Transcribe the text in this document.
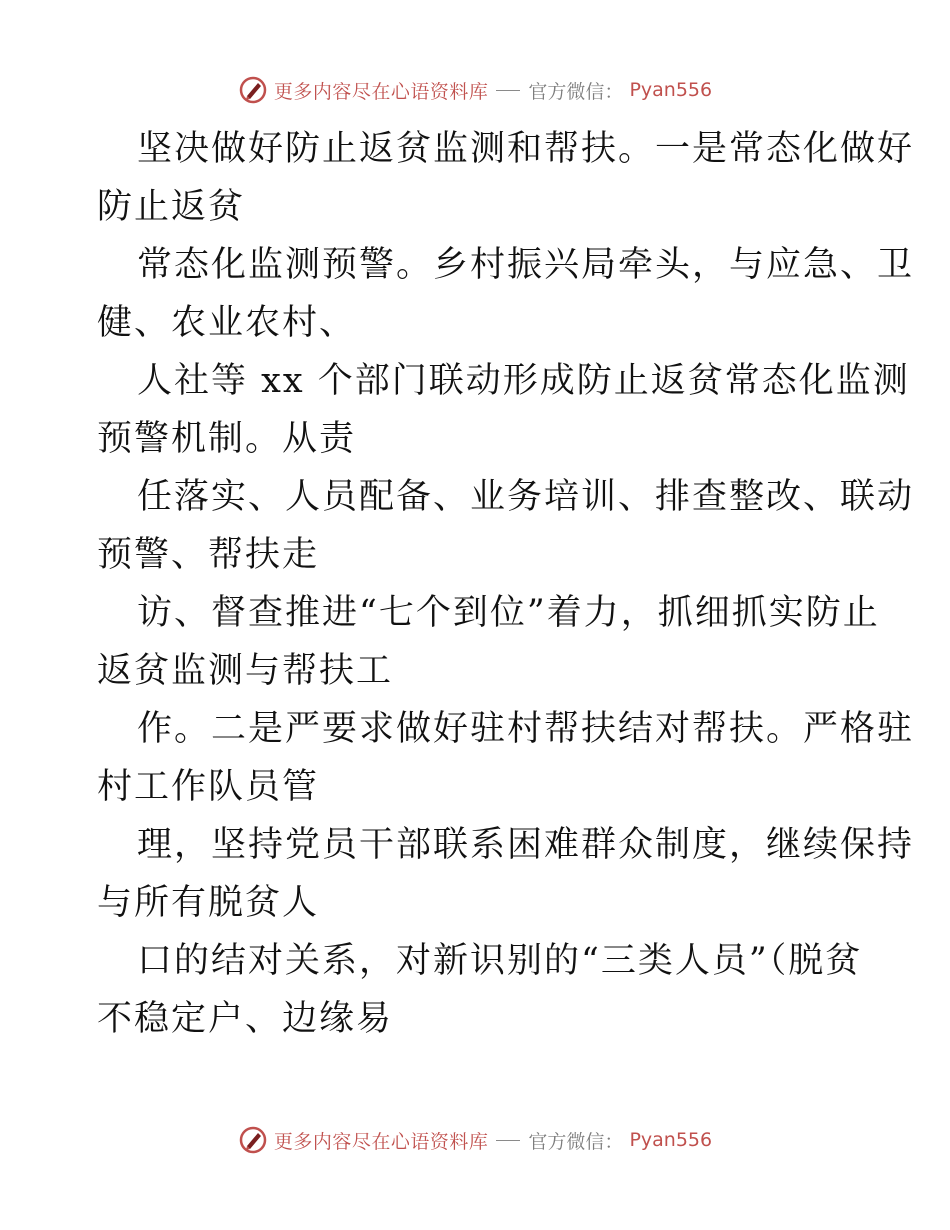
更多内容尽在心语资料库 官方微信： Pyan556

坚决做好防止返贫监测和帮扶。一是常态化做好

防止返贫

常态化监测预警。乡村振兴局牵头，与应急、卫

健、农业农村、

人社等 xx 个部门联动形成防止返贫常态化监测

预警机制。从责

任落实、人员配备、业务培训、排查整改、联动

预警、帮扶走

访、督查推进“七个到位”着力，抓细抓实防止

返贫监测与帮扶工

作。二是严要求做好驻村帮扶结对帮扶。严格驻

村工作队员管

理，坚持党员干部联系困难群众制度，继续保持

与所有脱贫人

口的结对关系，对新识别的“三类人员”（脱贫

不稳定户、边缘易

更多内容尽在心语资料库 官方微信： Pyan556
